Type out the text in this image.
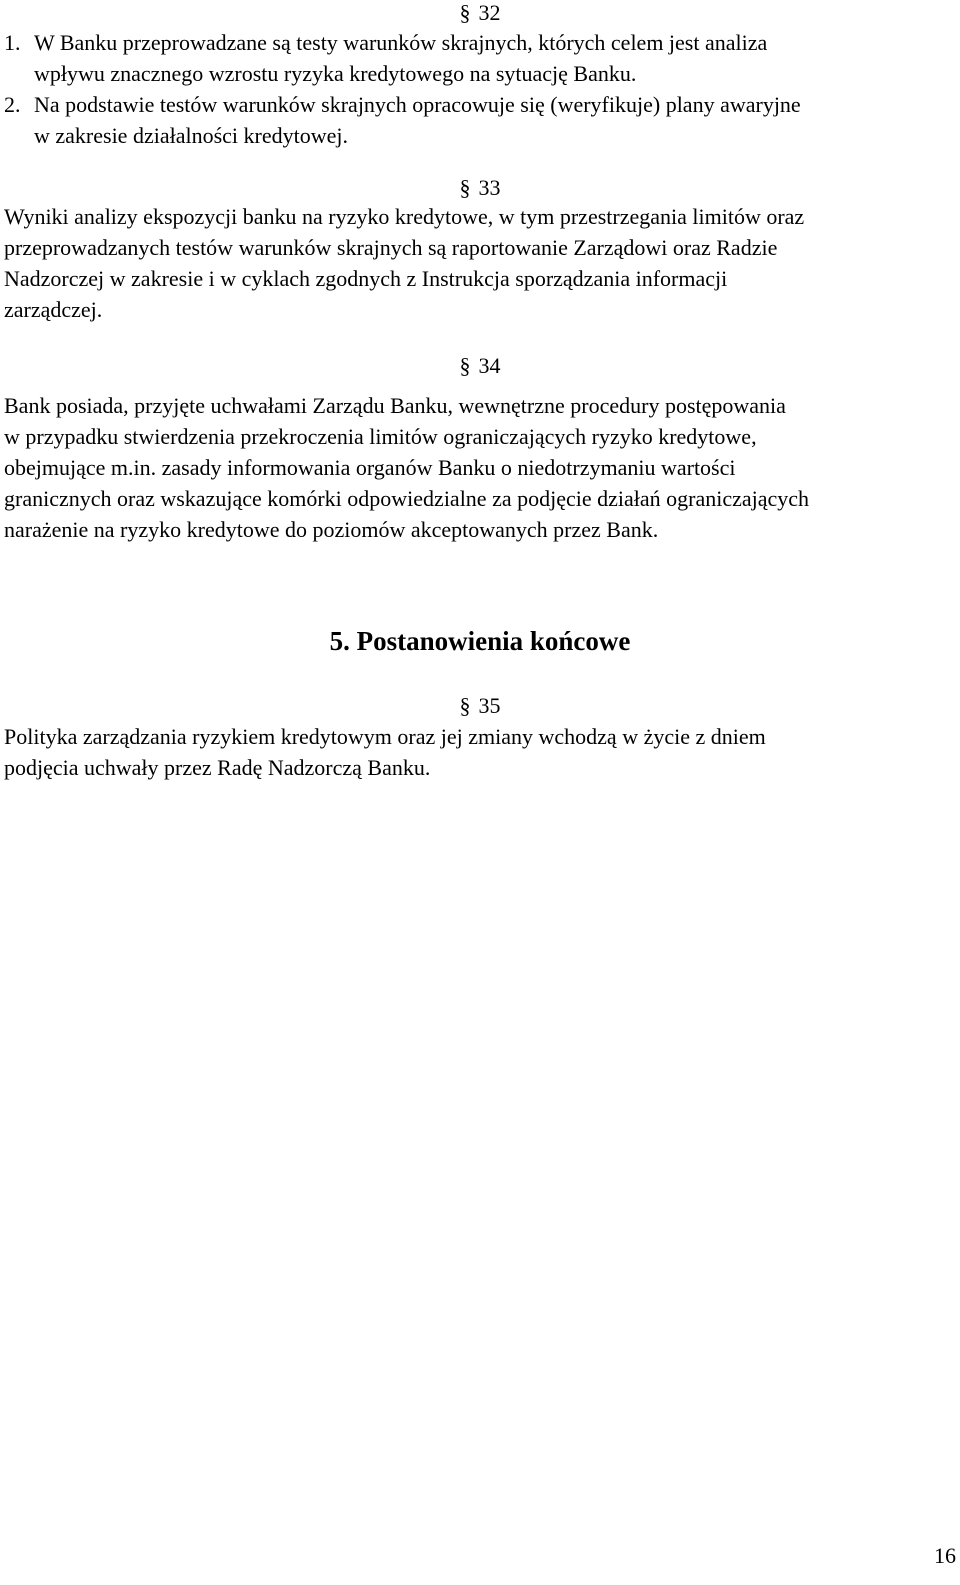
§ 32
1. W Banku przeprowadzane są testy warunków skrajnych, których celem jest analiza
wpływu znacznego wzrostu ryzyka kredytowego na sytuację Banku.
2. Na podstawie testów warunków skrajnych opracowuje się (weryfikuje) plany awaryjne
w zakresie działalności kredytowej.
§ 33
Wyniki analizy ekspozycji banku na ryzyko kredytowe, w tym przestrzegania limitów oraz
przeprowadzanych testów warunków skrajnych są raportowanie Zarządowi oraz Radzie
Nadzorczej w zakresie i w cyklach zgodnych z Instrukcja sporządzania informacji
zarządczej.
§ 34
Bank posiada, przyjęte uchwałami Zarządu Banku, wewnętrzne procedury postępowania
w przypadku stwierdzenia przekroczenia limitów ograniczających ryzyko kredytowe,
obejmujące m.in. zasady informowania organów Banku o niedotrzymaniu wartości
granicznych oraz wskazujące komórki odpowiedzialne za podjęcie działań ograniczających
narażenie na ryzyko kredytowe do poziomów akceptowanych przez Bank.
5. Postanowienia końcowe
§ 35
Polityka zarządzania ryzykiem kredytowym oraz jej zmiany wchodzą w życie z dniem
podjęcia uchwały przez Radę Nadzorczą Banku.
16
